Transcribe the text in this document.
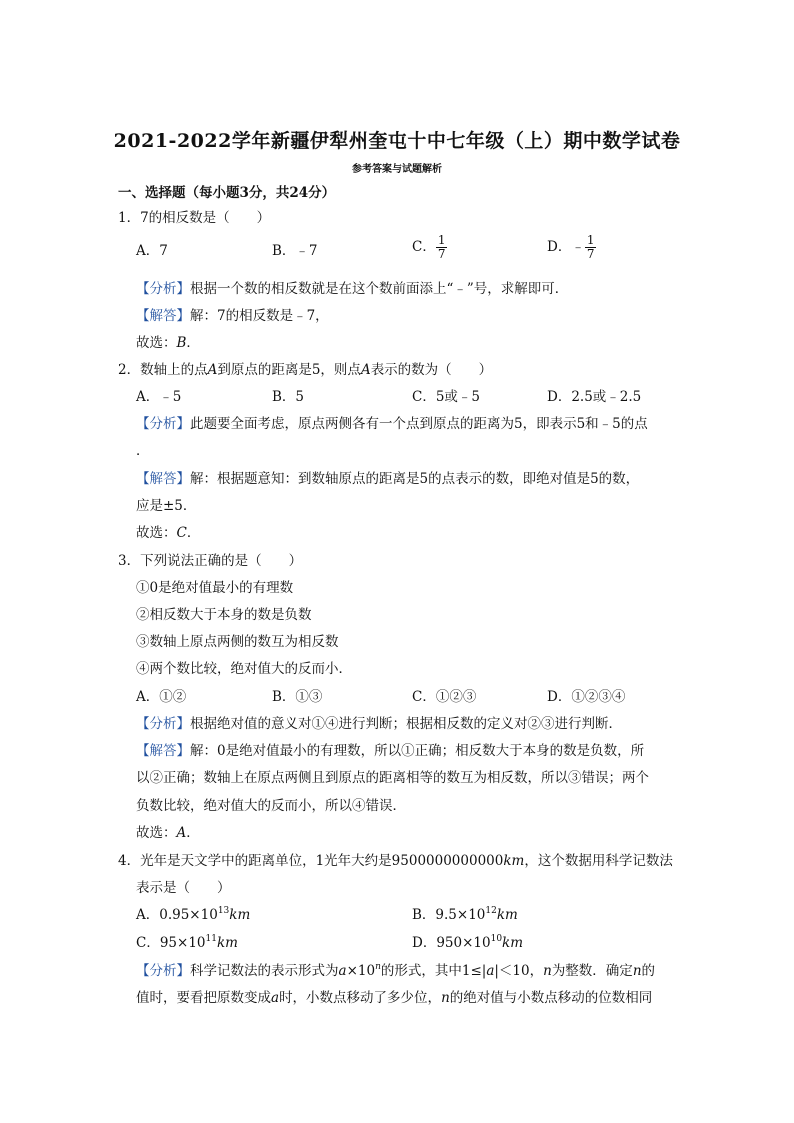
2021-2022学年新疆伊犁州奎屯十中七年级（上）期中数学试卷
参考答案与试题解析
一、选择题（每小题3分，共24分）
1．7的相反数是（　　）
A．7	B．﹣7	C． $\frac{1}{7}$	D．﹣ $\frac{1}{7}$
【分析】根据一个数的相反数就是在这个数前面添上“﹣”号，求解即可．
【解答】解：7的相反数是﹣7，
故选：B．
2．数轴上的点A到原点的距离是5，则点A表示的数为（　　）
A．﹣5	B．5	C．5或﹣5	D．2.5或﹣2.5
【分析】此题要全面考虑，原点两侧各有一个点到原点的距离为5，即表示5和﹣5的点
．
【解答】解：根据题意知：到数轴原点的距离是5的点表示的数，即绝对值是5的数，
应是±5．
故选：C．
3．下列说法正确的是（　　）
①0是绝对值最小的有理数
②相反数大于本身的数是负数
③数轴上原点两侧的数互为相反数
④两个数比较，绝对值大的反而小．
A．①②	B．①③	C．①②③	D．①②③④
【分析】根据绝对值的意义对①④进行判断；根据相反数的定义对②③进行判断．
【解答】解：0是绝对值最小的有理数，所以①正确；相反数大于本身的数是负数，所
以②正确；数轴上在原点两侧且到原点的距离相等的数互为相反数，所以③错误；两个
负数比较，绝对值大的反而小，所以④错误．
故选：A．
4．光年是天文学中的距离单位，1光年大约是9500000000000km，这个数据用科学记数法
表示是（　　）
A．$0.95\times 10^{13}km$	B．$9.5\times 10^{12}km$
C．$95\times 10^{11}km$	D．$950\times 10^{10}km$
【分析】科学记数法的表示形式为$a\times 10^n$的形式，其中1≤|a|＜10，n为整数．确定n的
值时，要看把原数变成a时，小数点移动了多少位，n的绝对值与小数点移动的位数相同
